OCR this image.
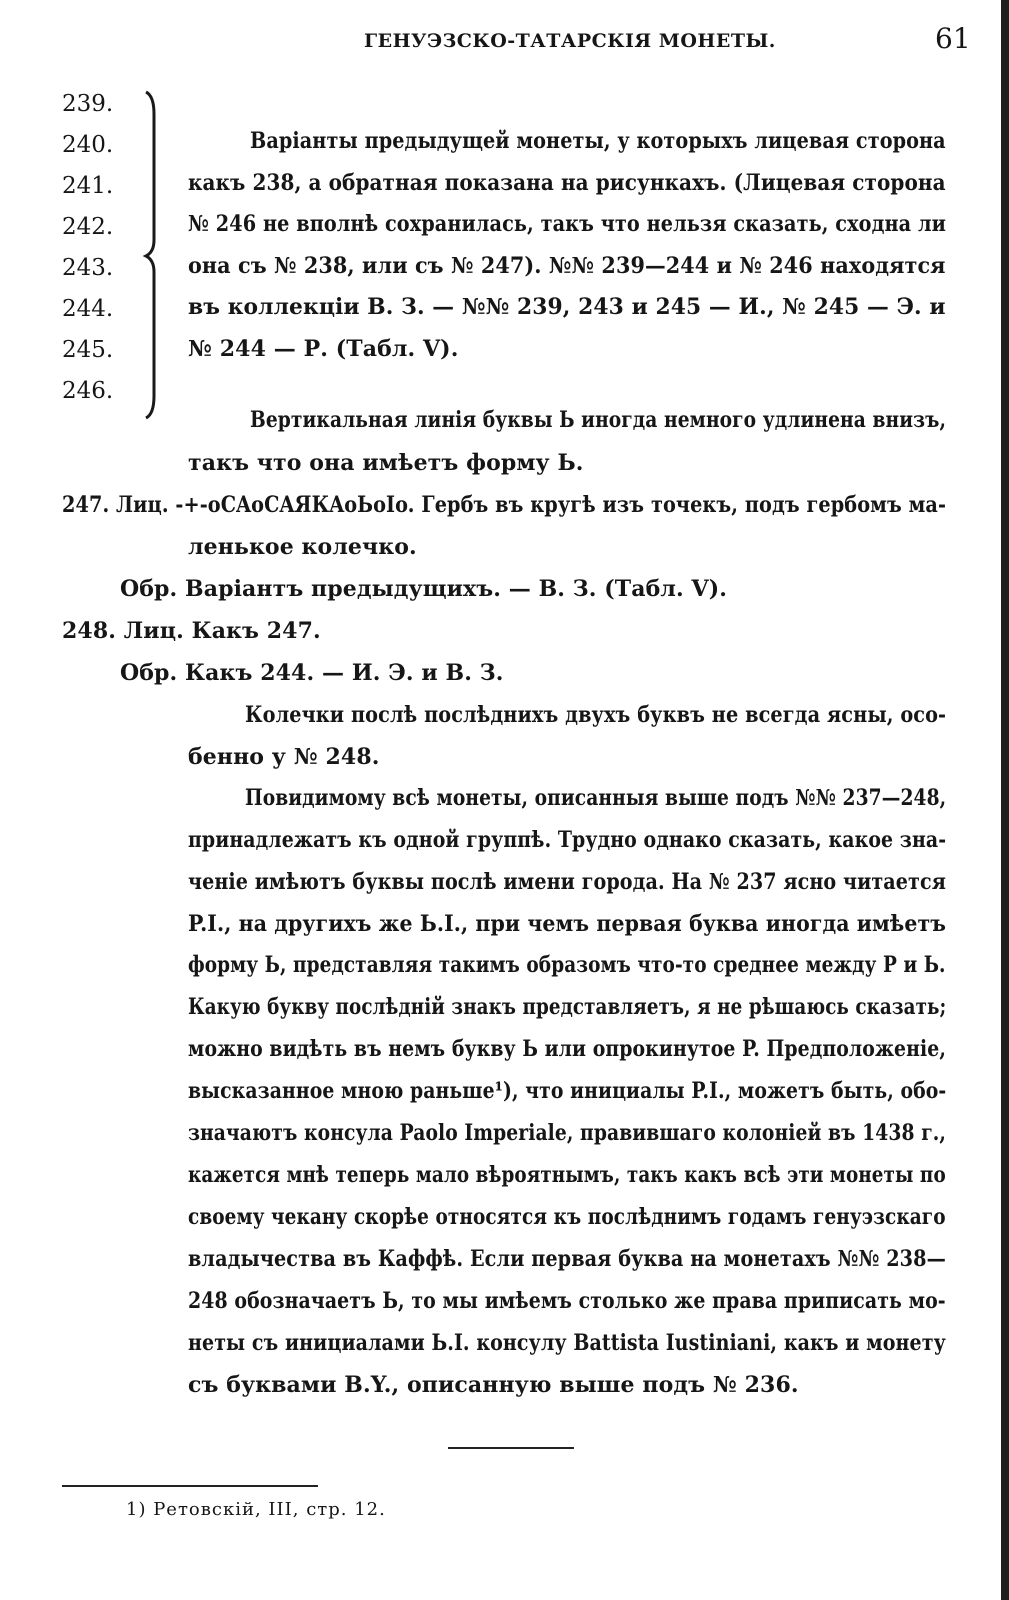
ГЕНУЭЗСКО-ТАТАРСКІЯ МОНЕТЫ.	61
239.
240.
241.
242.
243.
244.
245.
246.
Варіанты предыдущей монеты, у которыхъ лицевая сторона
какъ 238, а обратная показана на рисункахъ. (Лицевая сторона
№ 246 не вполнѣ сохранилась, такъ что нельзя сказать, сходна ли
она съ № 238, или съ № 247). №№ 239—244 и № 246 находятся
въ коллекціи В. З. — №№ 239, 243 и 245 — И., № 245 — Э. и
№ 244 — Р. (Табл. V).
Вертикальная линія буквы Ь иногда немного удлинена внизъ,
такъ что она имѣетъ форму Ь.
247. Лиц. -+-oCAoCAЯКAoЬoIo. Гербъ въ кругѣ изъ точекъ, подъ гербомъ ма-
ленькое колечко.
Обр. Варіантъ предыдущихъ. — В. З. (Табл. V).
248. Лиц. Какъ 247.
Обр. Какъ 244. — И. Э. и В. З.
Колечки послѣ послѣднихъ двухъ буквъ не всегда ясны, осо-
бенно у № 248.
Повидимому всѣ монеты, описанныя выше подъ №№ 237—248,
принадлежатъ къ одной группѣ. Трудно однако сказать, какое зна-
ченіе имѣютъ буквы послѣ имени города. На № 237 ясно читается
P.I., на другихъ же Ь.I., при чемъ первая буква иногда имѣетъ
форму Ь, представляя такимъ образомъ что-то среднее между P и Ь.
Какую букву послѣдній знакъ представляетъ, я не рѣшаюсь сказать;
можно видѣть въ немъ букву Ь или опрокинутое P. Предположеніе,
высказанное мною раньше¹), что инициалы P.I., можетъ быть, обо-
значаютъ консула Paolo Imperiale, правившаго колоніей въ 1438 г.,
кажется мнѣ теперь мало вѣроятнымъ, такъ какъ всѣ эти монеты по
своему чекану скорѣе относятся къ послѣднимъ годамъ генуэзскаго
владычества въ Каффѣ. Если первая буква на монетахъ №№ 238—
248 обозначаетъ Ь, то мы имѣемъ столько же права приписать мо-
неты съ инициалами Ь.I. консулу Battista Iustiniani, какъ и монету
съ буквами B.Y., описанную выше подъ № 236.
1) Ретовскій, III, стр. 12.
